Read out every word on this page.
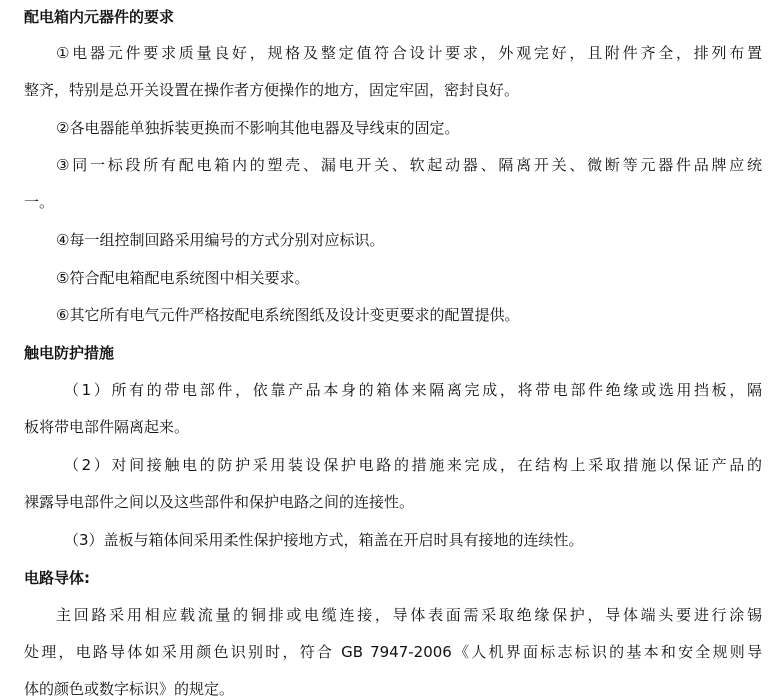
配电箱内元器件的要求
①电器元件要求质量良好，规格及整定值符合设计要求，外观完好，且附件齐全，排列布置
整齐，特别是总开关设置在操作者方便操作的地方，固定牢固，密封良好。
②各电器能单独拆装更换而不影响其他电器及导线束的固定。
③同一标段所有配电箱内的塑壳、漏电开关、软起动器、隔离开关、微断等元器件品牌应统
一。
④每一组控制回路采用编号的方式分别对应标识。
⑤符合配电箱配电系统图中相关要求。
⑥其它所有电气元件严格按配电系统图纸及设计变更要求的配置提供。
触电防护措施
（1）所有的带电部件，依靠产品本身的箱体来隔离完成，将带电部件绝缘或选用挡板，隔
板将带电部件隔离起来。
（2）对间接触电的防护采用装设保护电路的措施来完成，在结构上采取措施以保证产品的
裸露导电部件之间以及这些部件和保护电路之间的连接性。
（3）盖板与箱体间采用柔性保护接地方式，箱盖在开启时具有接地的连续性。
电路导体:
主回路采用相应载流量的铜排或电缆连接，导体表面需采取绝缘保护，导体端头要进行涂锡
处理，电路导体如采用颜色识别时，符合 GB 7947-2006《人机界面标志标识的基本和安全规则导
体的颜色或数字标识》的规定。
